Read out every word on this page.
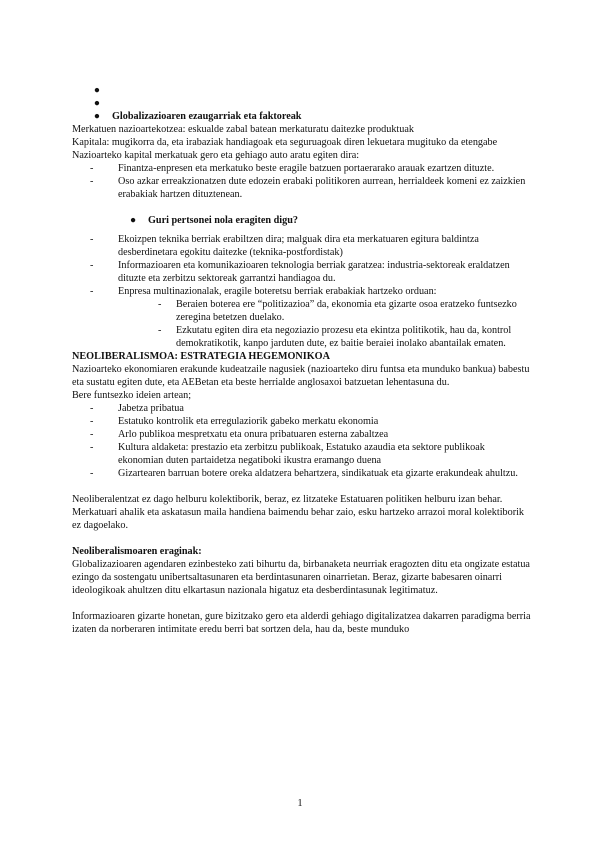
●
●
● Globalizazioaren ezaugarriak eta faktoreak

Merkatuen nazioartekotzea: eskualde zabal batean merkaturatu daitezke produktuak

Kapitala: mugikorra da, eta irabaziak handiagoak eta seguruagoak diren lekuetara mugituko da etengabe

Nazioarteko kapital merkatuak gero eta gehiago auto aratu egiten dira:

- Finantza-enpresen eta merkatuko beste eragile batzuen portaerarako arauak ezartzen dituzte.
- Oso azkar erreakzionatzen dute edozein erabaki politikoren aurrean, herrialdeek komeni ez zaizkien erabakiak hartzen dituztenean.
● Guri pertsonei nola eragiten digu?
- Ekoizpen teknika berriak erabiltzen dira; malguak dira eta merkatuaren egitura baldintza desberdinetara egokitu daitezke (teknika-postfordistak)
- Informazioaren eta komunikazioaren teknologia berriak garatzea: industria-sektoreak eraldatzen dituzte eta zerbitzu sektoreak garrantzi handiagoa du.
- Enpresa multinazionalak, eragile boteretsu berriak erabakiak hartzeko orduan:
- Beraien boterea ere “politizazioa” da, ekonomia eta gizarte osoa eratzeko funtsezko zeregina betetzen duelako.
- Ezkutatu egiten dira eta negoziazio prozesu eta ekintza politikotik, hau da, kontrol demokratikotik, kanpo jarduten dute, ez baitie beraiei inolako abantailak ematen.

NEOLIBERALISMOA: ESTRATEGIA HEGEMONIKOA

Nazioarteko ekonomiaren erakunde kudeatzaile nagusiek (nazioarteko diru funtsa eta munduko bankua) babestu eta sustatu egiten dute, eta AEBetan eta beste herrialde anglosaxoi batzuetan lehentasuna du.

Bere funtsezko ideien artean;

- Jabetza pribatua
- Estatuko kontrolik eta erregulaziorik gabeko merkatu ekonomia
- Arlo publikoa mespretxatu eta onura pribatuaren esterna zabaltzea
- Kultura aldaketa: prestazio eta zerbitzu publikoak, Estatuko azaudia eta sektore publikoak ekonomian duten partaidetza negatiboki ikustra eramango duena
- Gizartearen barruan botere oreka aldatzera behartzera, sindikatuak eta gizarte erakundeak ahultzu.

Neoliberalentzat ez dago helburu kolektiborik, beraz, ez litzateke Estatuaren politiken helburu izan behar.

Merkatuari ahalik eta askatasun maila handiena baimendu behar zaio, esku hartzeko arrazoi moral kolektiborik ez dagoelako.

Neoliberalismoaren eraginak:

Globalizazioaren agendaren ezinbesteko zati bihurtu da, birbanaketa neurriak eragozten ditu eta ongizate estatua ezingo da sostengatu unibertsaltasunaren eta berdintasunaren oinarrietan. Beraz, gizarte babesaren oinarri ideologikoak ahultzen ditu elkartasun nazionala higatuz eta desberdintasunak legitimatuz.

Informazioaren gizarte honetan, gure bizitzako gero eta alderdi gehiago digitalizatzea dakarren paradigma berria izaten da norberaren intimitate eredu berri bat sortzen dela, hau da, beste munduko

1
